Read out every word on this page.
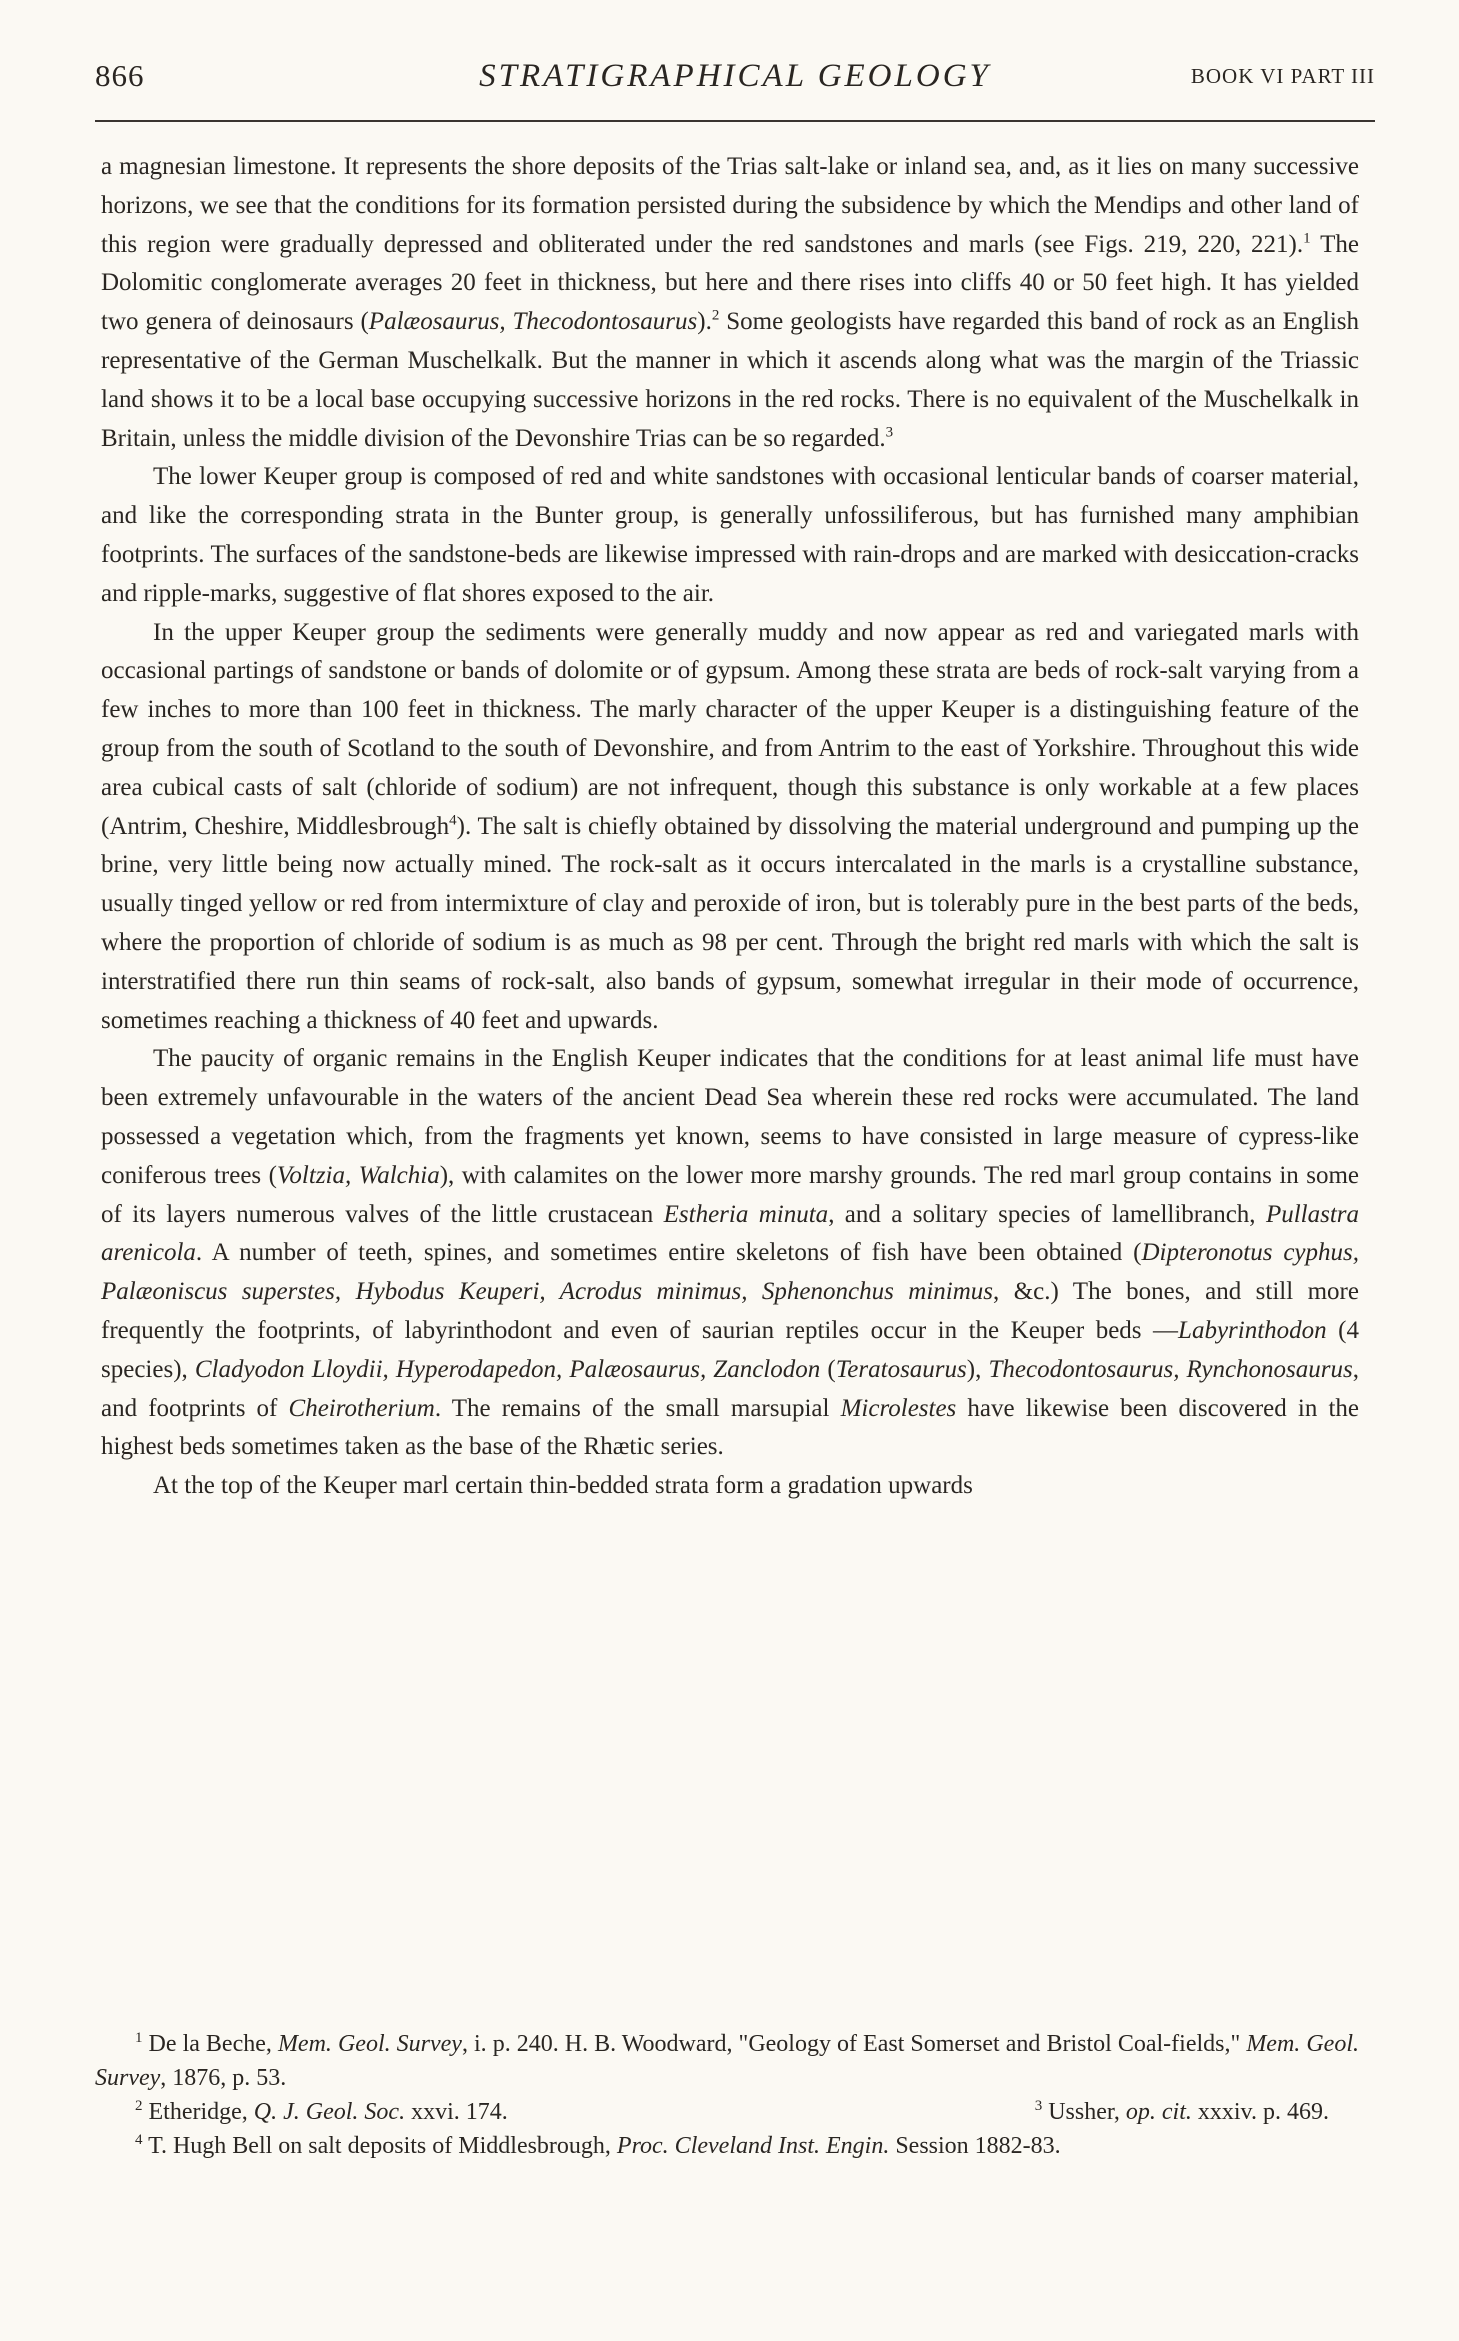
866	STRATIGRAPHICAL GEOLOGY	BOOK VI PART III

a magnesian limestone. It represents the shore deposits of the Trias salt-lake or inland sea, and, as it lies on many successive horizons, we see that the conditions for its formation persisted during the subsidence by which the Mendips and other land of this region were gradually depressed and obliterated under the red sandstones and marls (see Figs. 219, 220, 221).$^1$ The Dolomitic conglomerate averages 20 feet in thickness, but here and there rises into cliffs 40 or 50 feet high. It has yielded two genera of deinosaurs (Palæosaurus, Thecodontosaurus).$^2$ Some geologists have regarded this band of rock as an English representative of the German Muschelkalk. But the manner in which it ascends along what was the margin of the Triassic land shows it to be a local base occupying successive horizons in the red rocks. There is no equivalent of the Muschelkalk in Britain, unless the middle division of the Devonshire Trias can be so regarded.$^3$

The lower Keuper group is composed of red and white sandstones with occasional lenticular bands of coarser material, and like the corresponding strata in the Bunter group, is generally unfossiliferous, but has furnished many amphibian footprints. The surfaces of the sandstone-beds are likewise impressed with rain-drops and are marked with desiccation-cracks and ripple-marks, suggestive of flat shores exposed to the air.

In the upper Keuper group the sediments were generally muddy and now appear as red and variegated marls with occasional partings of sandstone or bands of dolomite or of gypsum. Among these strata are beds of rock-salt varying from a few inches to more than 100 feet in thickness. The marly character of the upper Keuper is a distinguishing feature of the group from the south of Scotland to the south of Devonshire, and from Antrim to the east of Yorkshire. Throughout this wide area cubical casts of salt (chloride of sodium) are not infrequent, though this substance is only workable at a few places (Antrim, Cheshire, Middlesbrough$^4$). The salt is chiefly obtained by dissolving the material underground and pumping up the brine, very little being now actually mined. The rock-salt as it occurs intercalated in the marls is a crystalline substance, usually tinged yellow or red from intermixture of clay and peroxide of iron, but is tolerably pure in the best parts of the beds, where the proportion of chloride of sodium is as much as 98 per cent. Through the bright red marls with which the salt is interstratified there run thin seams of rock-salt, also bands of gypsum, somewhat irregular in their mode of occurrence, sometimes reaching a thickness of 40 feet and upwards.

The paucity of organic remains in the English Keuper indicates that the conditions for at least animal life must have been extremely unfavourable in the waters of the ancient Dead Sea wherein these red rocks were accumulated. The land possessed a vegetation which, from the fragments yet known, seems to have consisted in large measure of cypress-like coniferous trees (Voltzia, Walchia), with calamites on the lower more marshy grounds. The red marl group contains in some of its layers numerous valves of the little crustacean Estheria minuta, and a solitary species of lamellibranch, Pullastra arenicola. A number of teeth, spines, and sometimes entire skeletons of fish have been obtained (Dipteronotus cyphus, Palæoniscus superstes, Hybodus Keuperi, Acrodus minimus, Sphenonchus minimus, &c.) The bones, and still more frequently the footprints, of labyrinthodont and even of saurian reptiles occur in the Keuper beds —Labyrinthodon (4 species), Cladyodon Lloydii, Hyperodapedon, Palæosaurus, Zanclodon (Teratosaurus), Thecodontosaurus, Rynchonosaurus, and footprints of Cheirotherium. The remains of the small marsupial Microlestes have likewise been discovered in the highest beds sometimes taken as the base of the Rhætic series.

At the top of the Keuper marl certain thin-bedded strata form a gradation upwards

$^1$ De la Beche, Mem. Geol. Survey, i. p. 240. H. B. Woodward, "Geology of East Somerset and Bristol Coal-fields," Mem. Geol. Survey, 1876, p. 53.

$^2$ Etheridge, Q. J. Geol. Soc. xxvi. 174.	$^3$ Ussher, op. cit. xxxiv. p. 469.

$^4$ T. Hugh Bell on salt deposits of Middlesbrough, Proc. Cleveland Inst. Engin. Session 1882-83.
